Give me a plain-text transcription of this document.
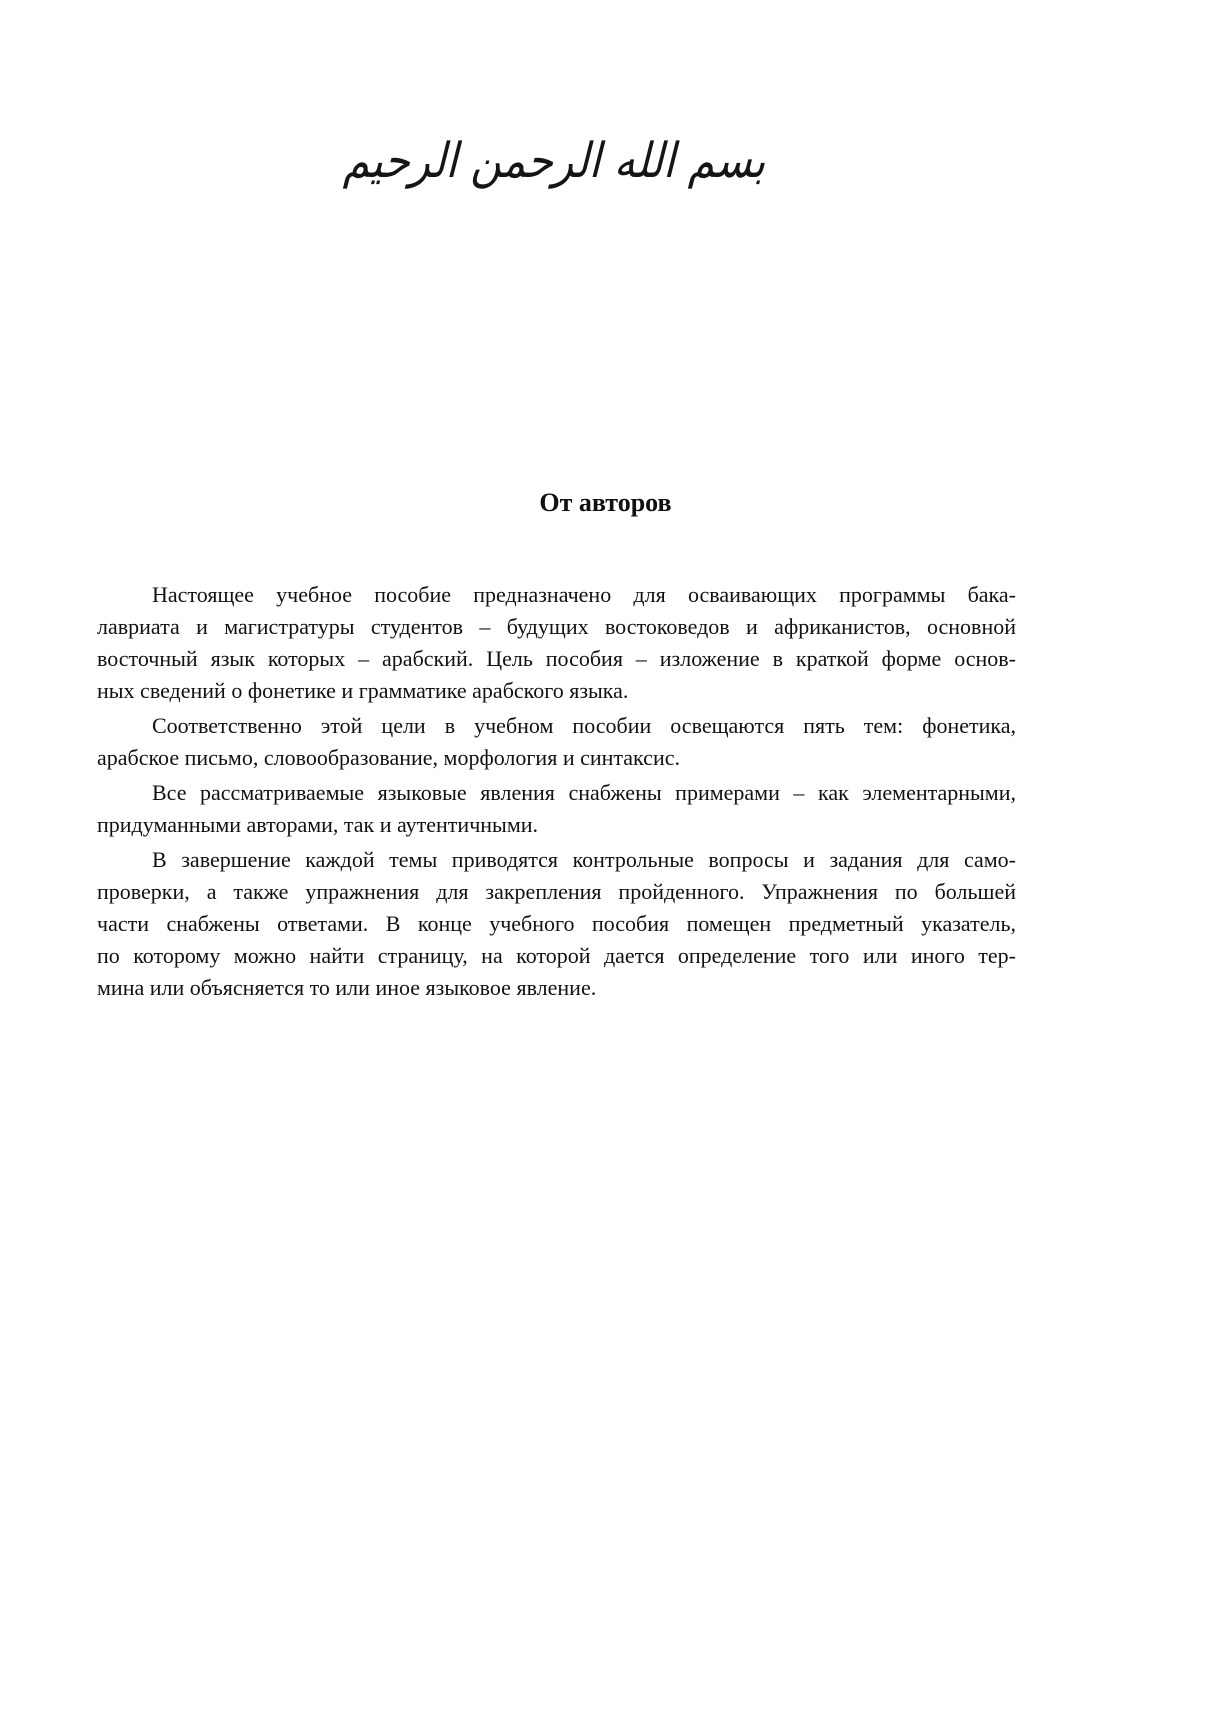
بسم الله الرحمن الرحيم
От авторов
Настоящее учебное пособие предназначено для осваивающих программы бака-
лавриата и магистратуры студентов – будущих востоковедов и африканистов, основной
восточный язык которых – арабский. Цель пособия – изложение в краткой форме основ-
ных сведений о фонетике и грамматике арабского языка.
Соответственно этой цели в учебном пособии освещаются пять тем: фонетика,
арабское письмо, словообразование, морфология и синтаксис.
Все рассматриваемые языковые явления снабжены примерами – как элементарными,
придуманными авторами, так и аутентичными.
В завершение каждой темы приводятся контрольные вопросы и задания для само-
проверки, а также упражнения для закрепления пройденного. Упражнения по большей
части снабжены ответами. В конце учебного пособия помещен предметный указатель,
по которому можно найти страницу, на которой дается определение того или иного тер-
мина или объясняется то или иное языковое явление.
